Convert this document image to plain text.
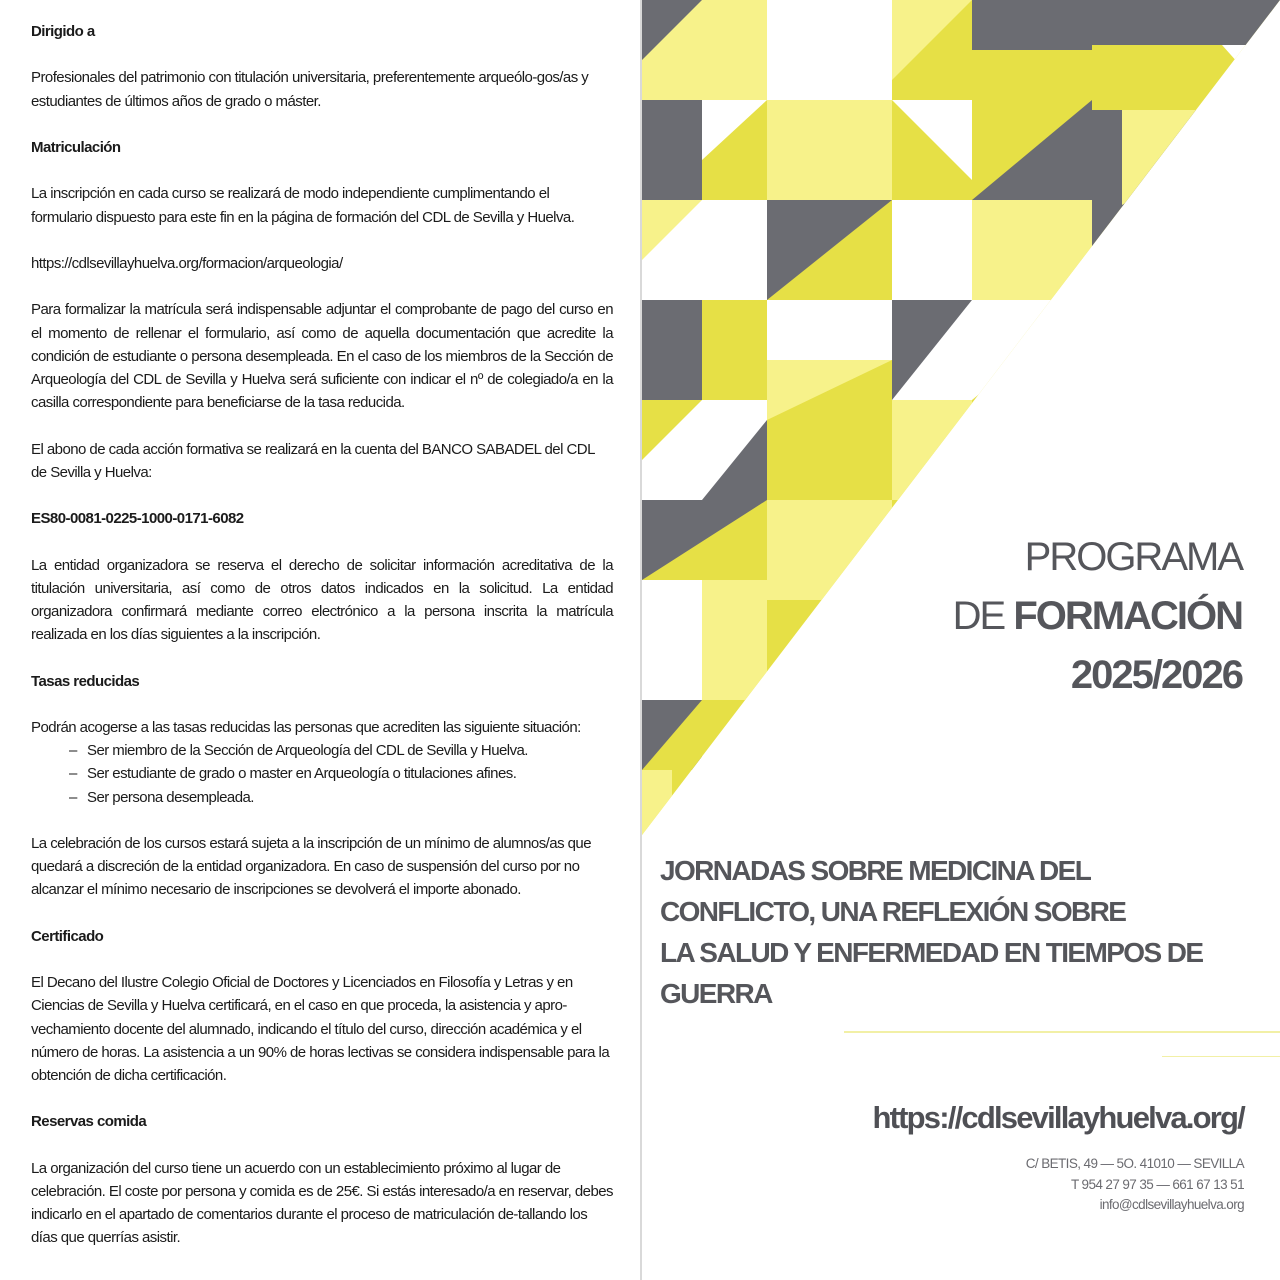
Dirigido a

Profesionales del patrimonio con titulación universitaria, preferentemente arqueólo-gos/as y estudiantes de últimos años de grado o máster.

Matriculación

La inscripción en cada curso se realizará de modo independiente cumplimentando el formulario dispuesto para este fin en la página de formación del CDL de Sevilla y Huelva.

https://cdlsevillayhuelva.org/formacion/arqueologia/

Para formalizar la matrícula será indispensable adjuntar el comprobante de pago del curso en el momento de rellenar el formulario, así como de aquella documentación que acredite la condición de estudiante o persona desempleada. En el caso de los miembros de la Sección de Arqueología del CDL de Sevilla y Huelva será suficiente con indicar el nº de colegiado/a en la casilla correspondiente para beneficiarse de la tasa reducida.

El abono de cada acción formativa se realizará en la cuenta del BANCO SABADEL del CDL de Sevilla y Huelva:

ES80-0081-0225-1000-0171-6082

La entidad organizadora se reserva el derecho de solicitar información acreditativa de la titulación universitaria, así como de otros datos indicados en la solicitud. La entidad organizadora confirmará mediante correo electrónico a la persona inscrita la matrícula realizada en los días siguientes a la inscripción.

Tasas reducidas

Podrán acogerse a las tasas reducidas las personas que acrediten las siguiente situación:

– Ser miembro de la Sección de Arqueología del CDL de Sevilla y Huelva.
– Ser estudiante de grado o master en Arqueología o titulaciones afines.
– Ser persona desempleada.

La celebración de los cursos estará sujeta a la inscripción de un mínimo de alumnos/as que quedará a discreción de la entidad organizadora. En caso de suspensión del curso por no alcanzar el mínimo necesario de inscripciones se devolverá el importe abonado.

Certificado

El Decano del Ilustre Colegio Oficial de Doctores y Licenciados en Filosofía y Letras y en Ciencias de Sevilla y Huelva certificará, en el caso en que proceda, la asistencia y apro-vechamiento docente del alumnado, indicando el título del curso, dirección académica y el número de horas. La asistencia a un 90% de horas lectivas se considera indispensable para la obtención de dicha certificación.

Reservas comida

La organización del curso tiene un acuerdo con un establecimiento próximo al lugar de celebración. El coste por persona y comida es de 25€. Si estás interesado/a en reservar, debes indicarlo en el apartado de comentarios durante el proceso de matriculación de-tallando los días que querrías asistir.

PROGRAMA
DE FORMACIÓN
2025/2026
JORNADAS SOBRE MEDICINA DEL
CONFLICTO, UNA REFLEXIÓN SOBRE
LA SALUD Y ENFERMEDAD EN TIEMPOS DE
GUERRA
https://cdlsevillayhuelva.org/
C/ BETIS, 49 — 5O. 41010 — SEVILLA
T 954 27 97 35 — 661 67 13 51
info@cdlsevillayhuelva.org
